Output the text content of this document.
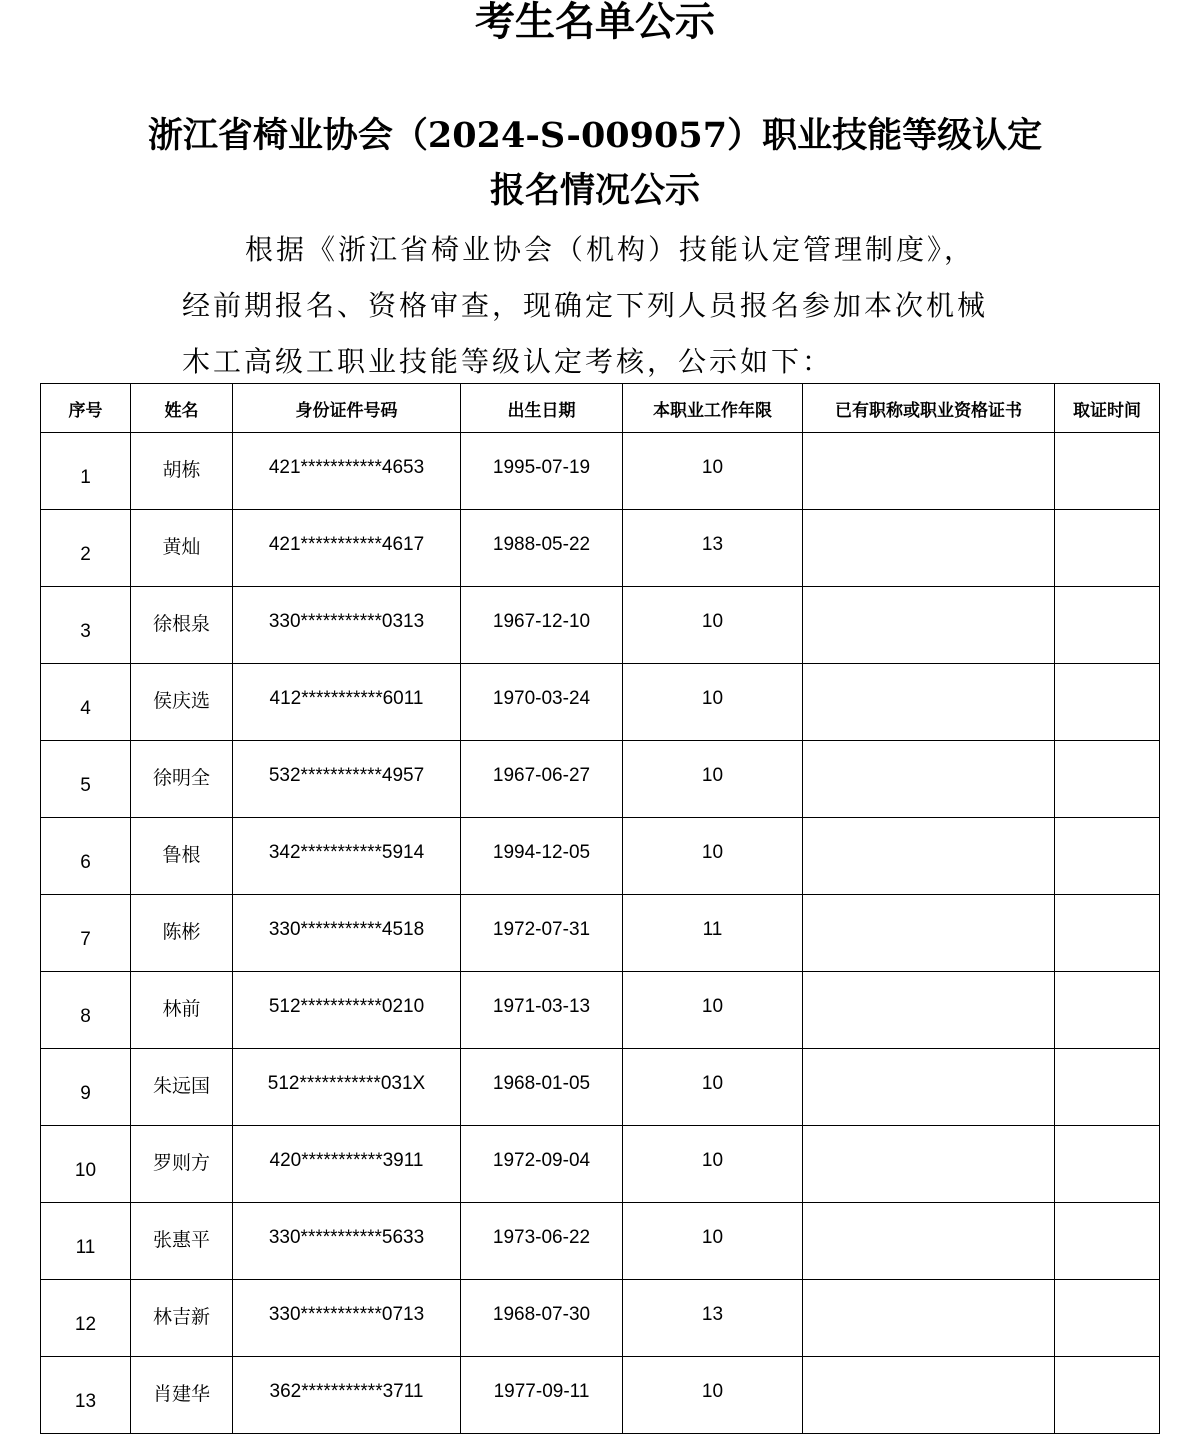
考生名单公示
浙江省椅业协会（2024-S-009057）职业技能等级认定
报名情况公示
根据《浙江省椅业协会（机构）技能认定管理制度》，
经前期报名、资格审查，现确定下列人员报名参加本次机械
木工高级工职业技能等级认定考核，公示如下：
序号	姓名	身份证件号码	出生日期	本职业工作年限	已有职称或职业资格证书	取证时间
1	胡栋	421***********4653	1995-07-19	10		
2	黄灿	421***********4617	1988-05-22	13		
3	徐根泉	330***********0313	1967-12-10	10		
4	侯庆选	412***********6011	1970-03-24	10		
5	徐明全	532***********4957	1967-06-27	10		
6	鲁根	342***********5914	1994-12-05	10		
7	陈彬	330***********4518	1972-07-31	11		
8	林前	512***********0210	1971-03-13	10		
9	朱远国	512***********031X	1968-01-05	10		
10	罗则方	420***********3911	1972-09-04	10		
11	张惠平	330***********5633	1973-06-22	10		
12	林吉新	330***********0713	1968-07-30	13		
13	肖建华	362***********3711	1977-09-11	10		
